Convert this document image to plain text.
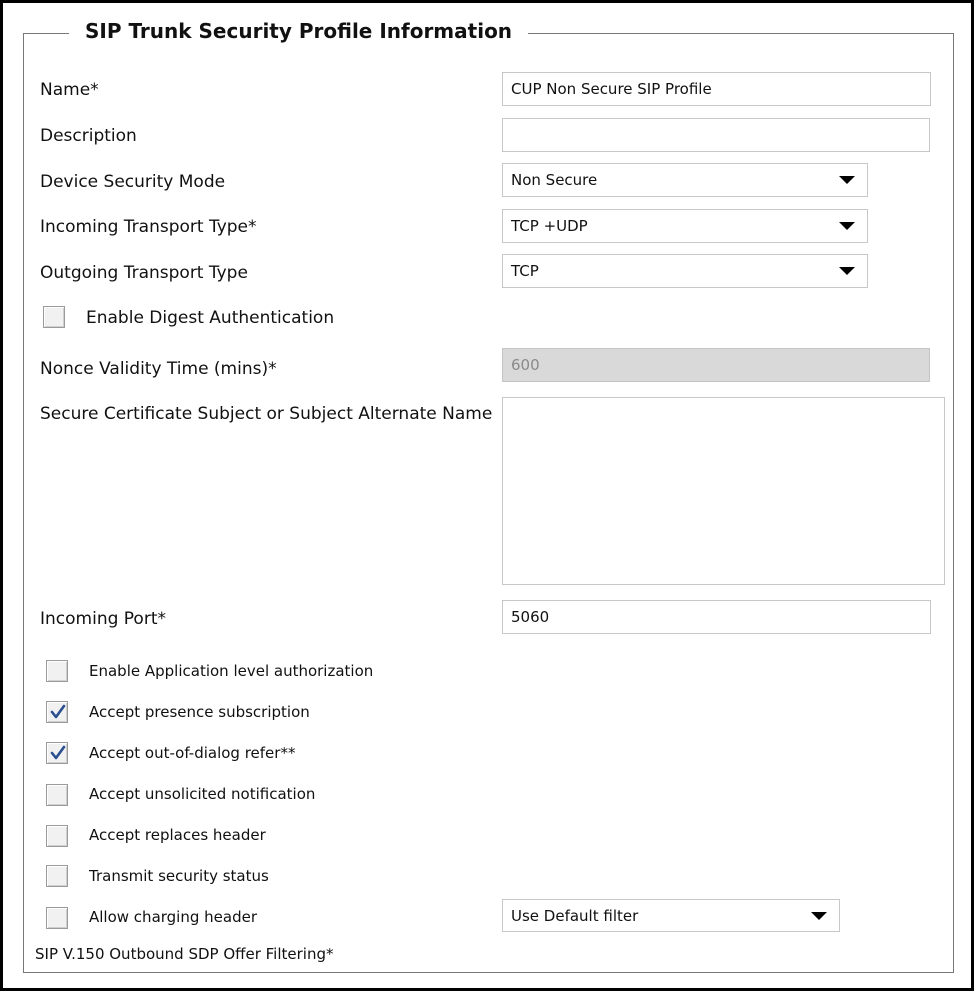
SIP Trunk Security Profile Information
Name*	CUP Non Secure SIP Profile
Description
Device Security Mode	Non Secure
Incoming Transport Type*	TCP +UDP
Outgoing Transport Type	TCP
Enable Digest Authentication
Nonce Validity Time (mins)*	600
Secure Certificate Subject or Subject Alternate Name
Incoming Port*	5060
Enable Application level authorization
Accept presence subscription
Accept out-of-dialog refer**
Accept unsolicited notification
Accept replaces header
Transmit security status
Allow charging header	Use Default filter
SIP V.150 Outbound SDP Offer Filtering*
